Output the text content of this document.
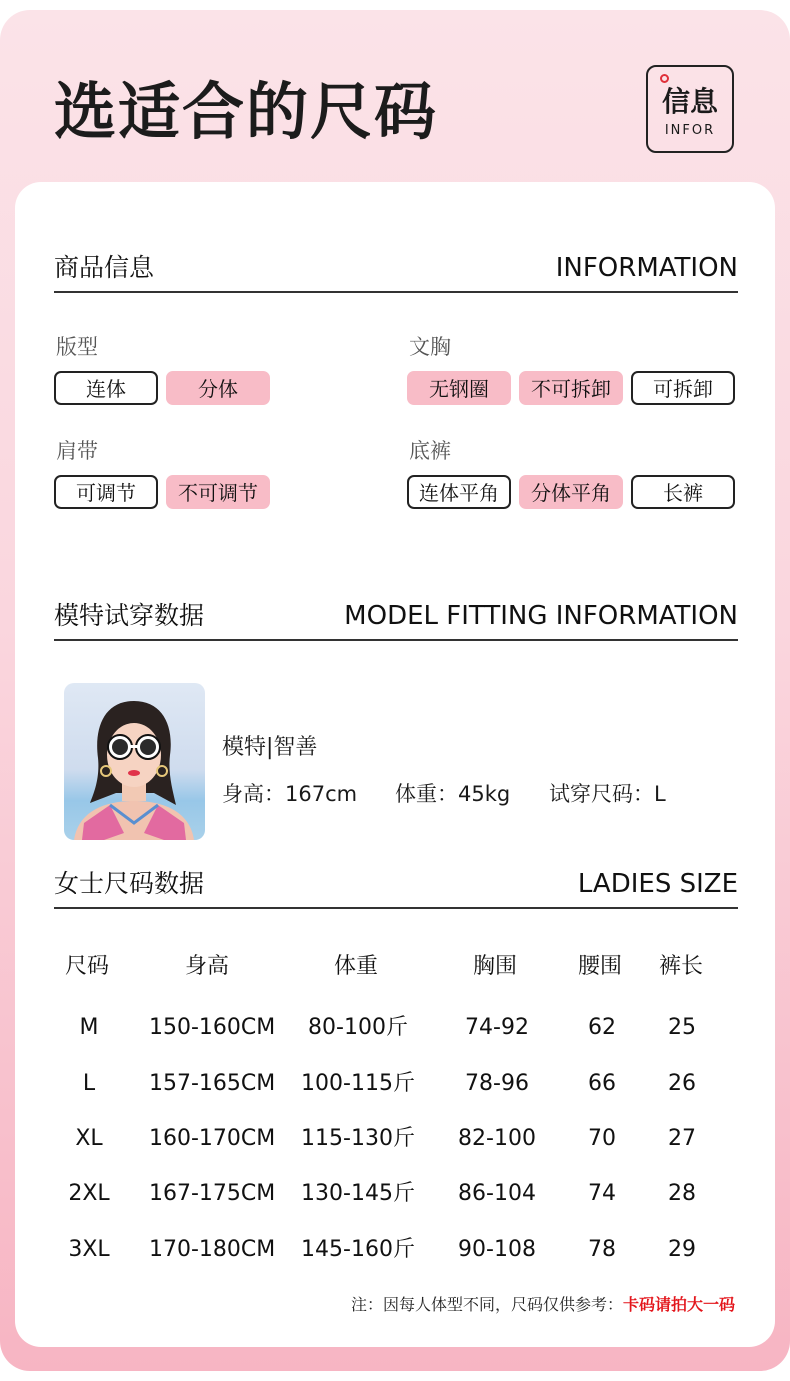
选适合的尺码	信息
INFOR
商品信息	INFORMATION
版型
连体	分体
文胸
无钢圈	不可拆卸	可拆卸
肩带
可调节	不可调节
底裤
连体平角	分体平角	长裤
模特试穿数据	MODEL FITTING INFORMATION
模特|智善
身高：167cm 体重：45kg 试穿尺码：L
女士尺码数据	LADIES SIZE
尺码	身高	体重	胸围	腰围	裤长
M	150-160CM	80-100斤	74-92	62	25
L	157-165CM 100-115斤	78-96	66	26
XL	160-170CM 115-130斤	82-100	70	27
2XL	167-175CM 130-145斤	86-104	74	28
3XL	170-180CM 145-160斤	90-108	78	29
注：因每人体型不同，尺码仅供参考：卡码请拍大一码
